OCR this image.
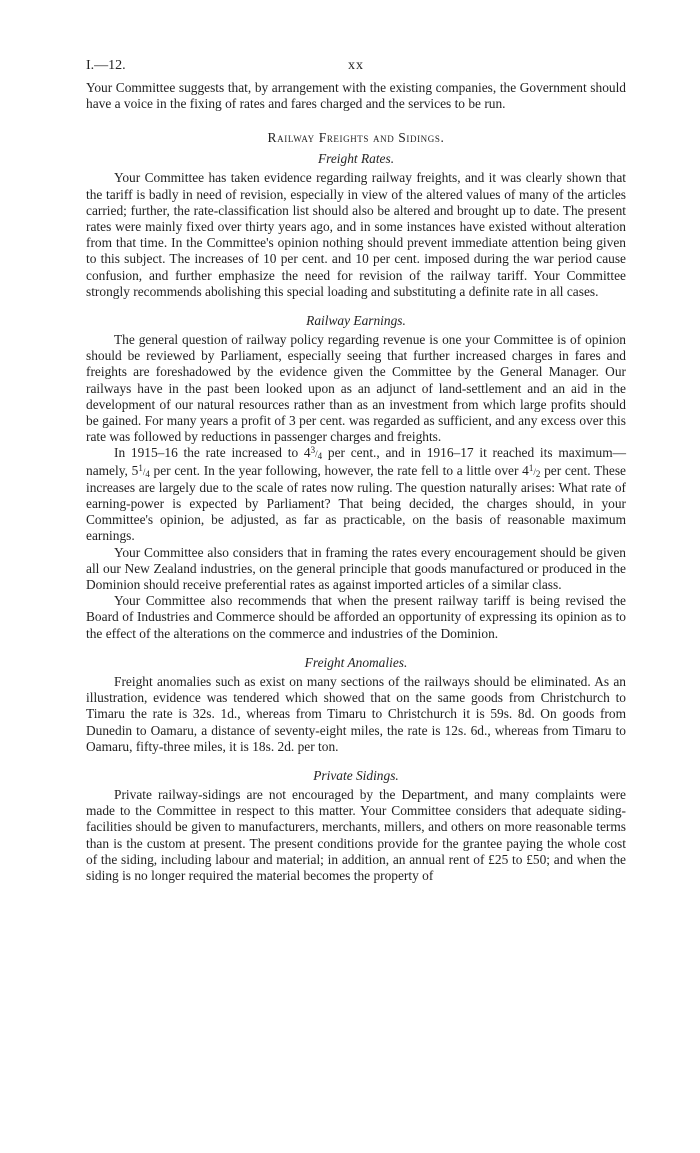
xx
I.—12.

Your Committee suggests that, by arrangement with the existing companies, the Government should have a voice in the fixing of rates and fares charged and the services to be run.

Railway Freights and Sidings.
Freight Rates.

Your Committee has taken evidence regarding railway freights, and it was clearly shown that the tariff is badly in need of revision, especially in view of the altered values of many of the articles carried; further, the rate-classification list should also be altered and brought up to date. The present rates were mainly fixed over thirty years ago, and in some instances have existed without alteration from that time. In the Committee's opinion nothing should prevent immediate attention being given to this subject. The increases of 10 per cent. and 10 per cent. imposed during the war period cause confusion, and further emphasize the need for revision of the railway tariff. Your Committee strongly recommends abolishing this special loading and substituting a definite rate in all cases.

Railway Earnings.

The general question of railway policy regarding revenue is one your Committee is of opinion should be reviewed by Parliament, especially seeing that further increased charges in fares and freights are foreshadowed by the evidence given the Committee by the General Manager. Our railways have in the past been looked upon as an adjunct of land-settlement and an aid in the development of our natural resources rather than as an investment from which large profits should be gained. For many years a profit of 3 per cent. was regarded as sufficient, and any excess over this rate was followed by reductions in passenger charges and freights.

In 1915–16 the rate increased to 43/4 per cent., and in 1916–17 it reached its maximum—namely, 51/4 per cent. In the year following, however, the rate fell to a little over 41/2 per cent. These increases are largely due to the scale of rates now ruling. The question naturally arises: What rate of earning-power is expected by Parliament? That being decided, the charges should, in your Committee's opinion, be adjusted, as far as practicable, on the basis of reasonable maximum earnings.

Your Committee also considers that in framing the rates every encouragement should be given all our New Zealand industries, on the general principle that goods manufactured or produced in the Dominion should receive preferential rates as against imported articles of a similar class.

Your Committee also recommends that when the present railway tariff is being revised the Board of Industries and Commerce should be afforded an opportunity of expressing its opinion as to the effect of the alterations on the commerce and industries of the Dominion.

Freight Anomalies.

Freight anomalies such as exist on many sections of the railways should be eliminated. As an illustration, evidence was tendered which showed that on the same goods from Christchurch to Timaru the rate is 32s. 1d., whereas from Timaru to Christchurch it is 59s. 8d. On goods from Dunedin to Oamaru, a distance of seventy-eight miles, the rate is 12s. 6d., whereas from Timaru to Oamaru, fifty-three miles, it is 18s. 2d. per ton.

Private Sidings.

Private railway-sidings are not encouraged by the Department, and many complaints were made to the Committee in respect to this matter. Your Committee considers that adequate siding-facilities should be given to manufacturers, merchants, millers, and others on more reasonable terms than is the custom at present. The present conditions provide for the grantee paying the whole cost of the siding, including labour and material; in addition, an annual rent of £25 to £50; and when the siding is no longer required the material becomes the property of
